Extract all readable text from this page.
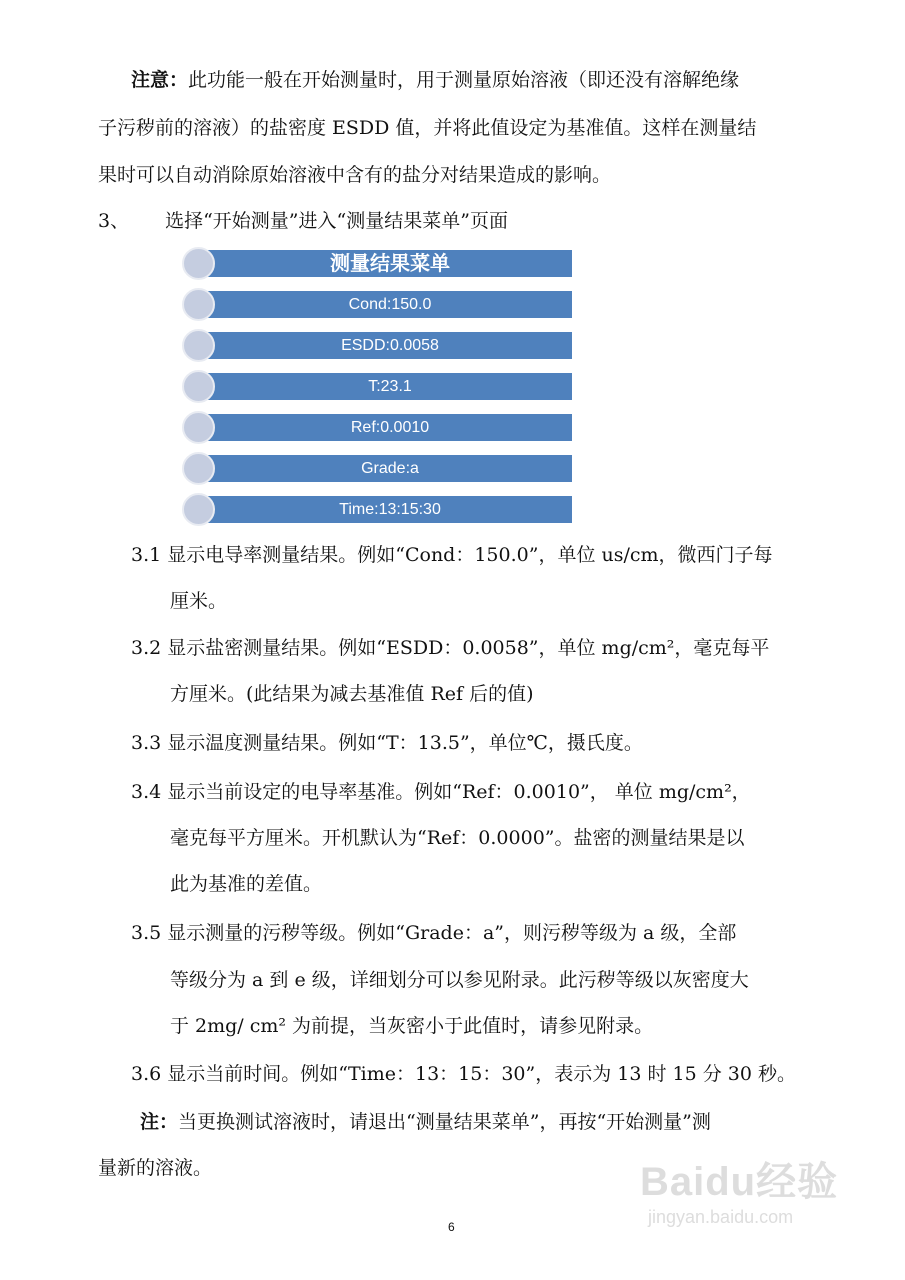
注意：此功能一般在开始测量时，用于测量原始溶液（即还没有溶解绝缘
子污秽前的溶液）的盐密度 ESDD 值，并将此值设定为基准值。这样在测量结
果时可以自动消除原始溶液中含有的盐分对结果造成的影响。
3、 选择“开始测量”进入“测量结果菜单”页面
测量结果菜单
Cond:150.0
ESDD:0.0058
T:23.1
Ref:0.0010
Grade:a
Time:13:15:30
3.1 显示电导率测量结果。例如“Cond：150.0”，单位 us/cm，微西门子每
厘米。
3.2 显示盐密测量结果。例如“ESDD：0.0058”，单位 mg/cm²，毫克每平
方厘米。(此结果为减去基准值 Ref 后的值)
3.3 显示温度测量结果。例如“T：13.5”，单位℃，摄氏度。
3.4 显示当前设定的电导率基准。例如“Ref：0.0010”， 单位 mg/cm²，
毫克每平方厘米。开机默认为“Ref：0.0000”。盐密的测量结果是以
此为基准的差值。
3.5 显示测量的污秽等级。例如“Grade：a”，则污秽等级为 a 级，全部
等级分为 a 到 e 级，详细划分可以参见附录。此污秽等级以灰密度大
于 2mg/ cm² 为前提，当灰密小于此值时，请参见附录。
3.6 显示当前时间。例如“Time：13：15：30”，表示为 13 时 15 分 30 秒。
注：当更换测试溶液时，请退出“测量结果菜单”，再按“开始测量”测
量新的溶液。
6
Baidu经验
jingyan.baidu.com
